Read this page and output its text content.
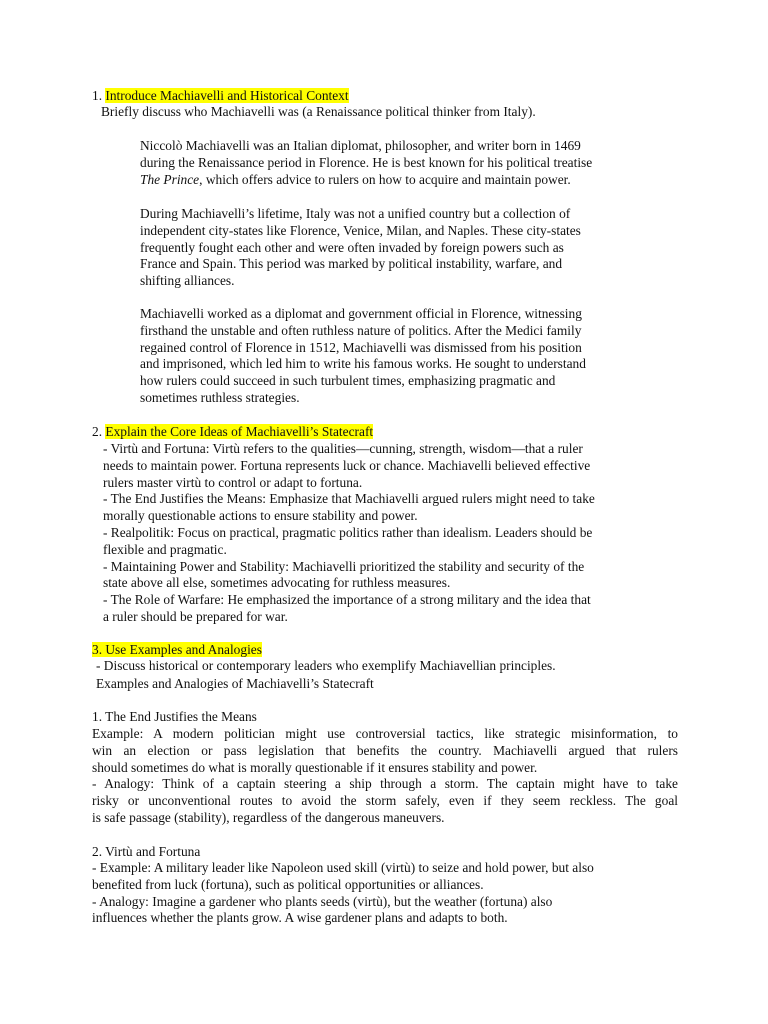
1. Introduce Machiavelli and Historical Context
Briefly discuss who Machiavelli was (a Renaissance political thinker from Italy).
Niccolò Machiavelli was an Italian diplomat, philosopher, and writer born in 1469
during the Renaissance period in Florence. He is best known for his political treatise
The Prince, which offers advice to rulers on how to acquire and maintain power.
During Machiavelli’s lifetime, Italy was not a unified country but a collection of
independent city-states like Florence, Venice, Milan, and Naples. These city-states
frequently fought each other and were often invaded by foreign powers such as
France and Spain. This period was marked by political instability, warfare, and
shifting alliances.
Machiavelli worked as a diplomat and government official in Florence, witnessing
firsthand the unstable and often ruthless nature of politics. After the Medici family
regained control of Florence in 1512, Machiavelli was dismissed from his position
and imprisoned, which led him to write his famous works. He sought to understand
how rulers could succeed in such turbulent times, emphasizing pragmatic and
sometimes ruthless strategies.
2. Explain the Core Ideas of Machiavelli’s Statecraft
- Virtù and Fortuna: Virtù refers to the qualities—cunning, strength, wisdom—that a ruler
needs to maintain power. Fortuna represents luck or chance. Machiavelli believed effective
rulers master virtù to control or adapt to fortuna.
- The End Justifies the Means: Emphasize that Machiavelli argued rulers might need to take
morally questionable actions to ensure stability and power.
- Realpolitik: Focus on practical, pragmatic politics rather than idealism. Leaders should be
flexible and pragmatic.
- Maintaining Power and Stability: Machiavelli prioritized the stability and security of the
state above all else, sometimes advocating for ruthless measures.
- The Role of Warfare: He emphasized the importance of a strong military and the idea that
a ruler should be prepared for war.
3. Use Examples and Analogies
- Discuss historical or contemporary leaders who exemplify Machiavellian principles.
Examples and Analogies of Machiavelli’s Statecraft
1. The End Justifies the Means
Example: A modern politician might use controversial tactics, like strategic misinformation, to
win an election or pass legislation that benefits the country. Machiavelli argued that rulers
should sometimes do what is morally questionable if it ensures stability and power.
- Analogy: Think of a captain steering a ship through a storm. The captain might have to take
risky or unconventional routes to avoid the storm safely, even if they seem reckless. The goal
is safe passage (stability), regardless of the dangerous maneuvers.
2. Virtù and Fortuna
- Example: A military leader like Napoleon used skill (virtù) to seize and hold power, but also
benefited from luck (fortuna), such as political opportunities or alliances.
- Analogy: Imagine a gardener who plants seeds (virtù), but the weather (fortuna) also
influences whether the plants grow. A wise gardener plans and adapts to both.
